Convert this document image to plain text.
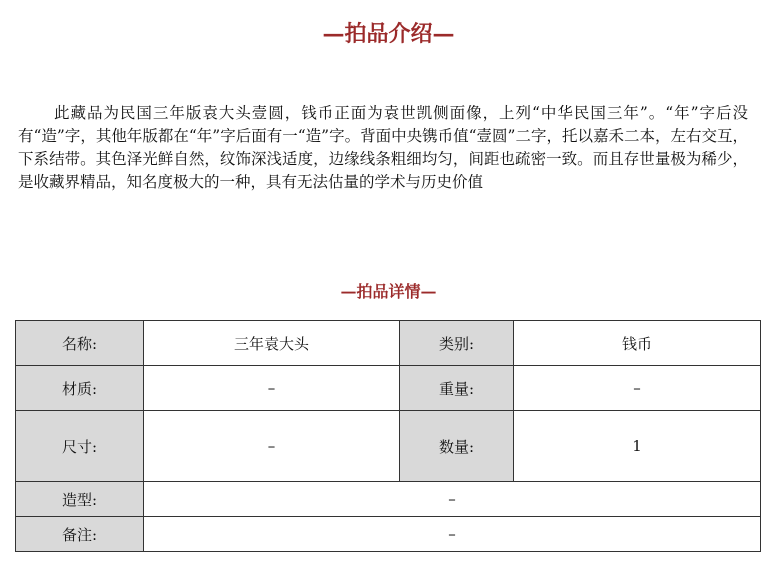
—拍品介绍—

此藏品为民国三年版袁大头壹圆，钱币正面为袁世凯侧面像，上列“中华民国三年”。“年”字后没有“造”字，其他年版都在“年”字后面有一“造”字。背面中央镌币值“壹圆”二字，托以嘉禾二本，左右交互，下系结带。其色泽光鲜自然，纹饰深浅适度，边缘线条粗细均匀，间距也疏密一致。而且存世量极为稀少，是收藏界精品，知名度极大的一种，具有无法估量的学术与历史价值

—拍品详情—
名称:	三年袁大头	类别:	钱币
材质:	–	重量:	–
尺寸:	–	数量:	1
造型:	–		
备注:	–		
